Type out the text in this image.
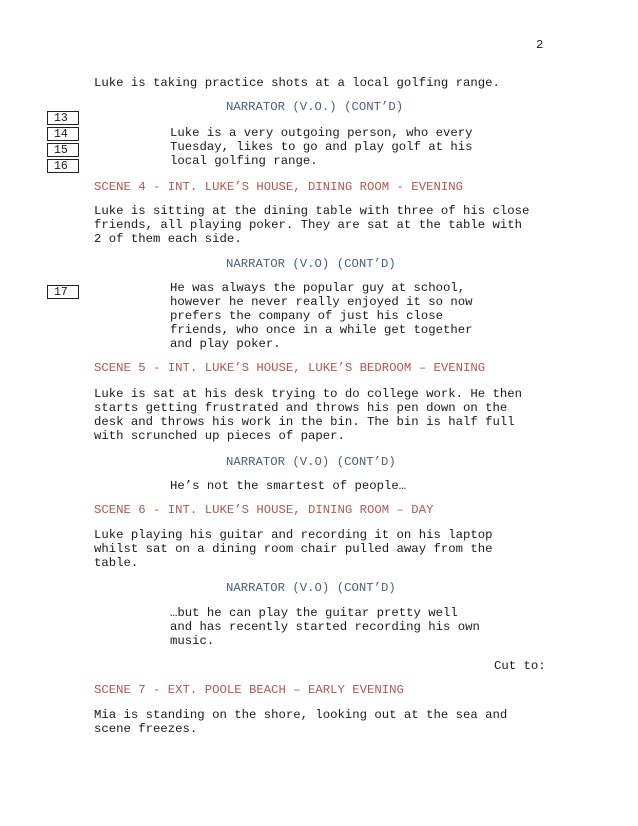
2
13
14
15
16
17
Luke is taking practice shots at a local golfing range.
NARRATOR (V.O.) (CONT’D)
Luke is a very outgoing person, who every
Tuesday, likes to go and play golf at his
local golfing range.
SCENE 4 - INT. LUKE’S HOUSE, DINING ROOM - EVENING
Luke is sitting at the dining table with three of his close
friends, all playing poker. They are sat at the table with
2 of them each side.
NARRATOR (V.O) (CONT’D)
He was always the popular guy at school,
however he never really enjoyed it so now
prefers the company of just his close
friends, who once in a while get together
and play poker.
SCENE 5 - INT. LUKE’S HOUSE, LUKE’S BEDROOM – EVENING
Luke is sat at his desk trying to do college work. He then
starts getting frustrated and throws his pen down on the
desk and throws his work in the bin. The bin is half full
with scrunched up pieces of paper.
NARRATOR (V.O) (CONT’D)
He’s not the smartest of people…
SCENE 6 - INT. LUKE’S HOUSE, DINING ROOM – DAY
Luke playing his guitar and recording it on his laptop
whilst sat on a dining room chair pulled away from the
table.
NARRATOR (V.O) (CONT’D)
…but he can play the guitar pretty well
and has recently started recording his own
music.
Cut to:
SCENE 7 - EXT. POOLE BEACH – EARLY EVENING
Mia is standing on the shore, looking out at the sea and
scene freezes.
